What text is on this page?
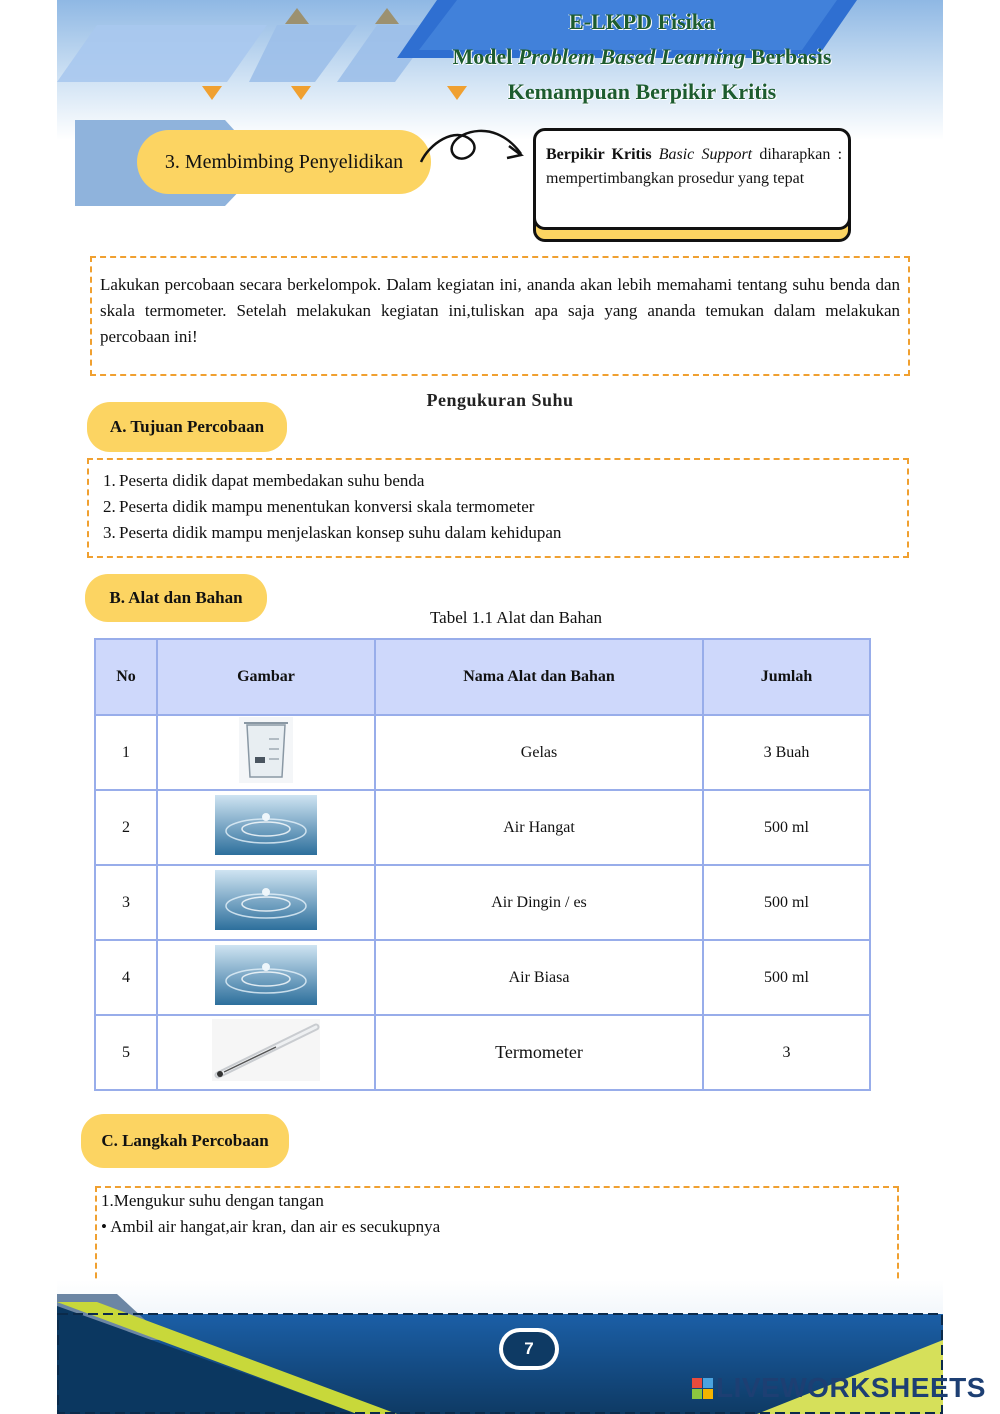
E-LKPD Fisika
Model Problem Based Learning Berbasis
Kemampuan Berpikir Kritis
3. Membimbing Penyelidikan	Berpikir Kritis Basic Support diharapkan : mempertimbangkan prosedur yang tepat
Lakukan percobaan secara berkelompok. Dalam kegiatan ini, ananda akan lebih memahami tentang suhu benda dan skala termometer. Setelah melakukan kegiatan ini,tuliskan apa saja yang ananda temukan dalam melakukan percobaan ini!
Pengukuran Suhu
A. Tujuan Percobaan
1. Peserta didik dapat membedakan suhu benda
2. Peserta didik mampu menentukan konversi skala termometer
3. Peserta didik mampu menjelaskan konsep suhu dalam kehidupan
B. Alat dan Bahan
Tabel 1.1 Alat dan Bahan
No	Gambar	Nama Alat dan Bahan	Jumlah
1		Gelas	3 Buah
2		Air Hangat	500 ml
3		Air Dingin / es	500 ml
4		Air Biasa	500 ml
5		Termometer	3
C. Langkah Percobaan
1.Mengukur suhu dengan tangan
• Ambil air hangat,air kran, dan air es secukupnya
7
LIVEWORKSHEETS
